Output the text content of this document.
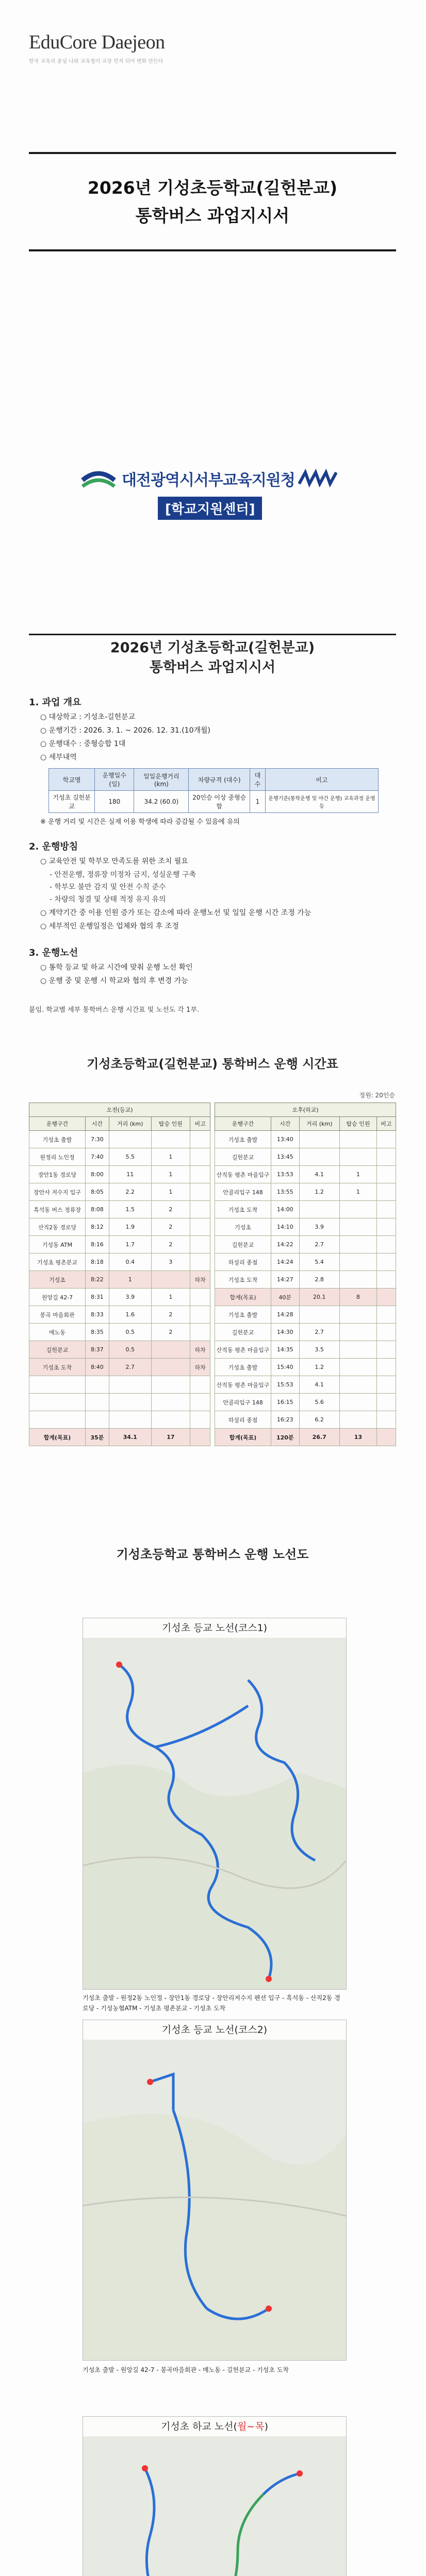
EduCore Daejeon
한국 교육의 중심 나와 교육청이 교장 먼저 되어 변화 만든다
2026년 기성초등학교(길헌분교)
통학버스 과업지시서
대전광역시서부교육지원청
[학교지원센터]
2026년 기성초등학교(길헌분교)
통학버스 과업지시서
1. 과업 개요
○ 대상학교 : 기성초-길헌분교
○ 운행기간 : 2026. 3. 1. ~ 2026. 12. 31.(10개월)
○ 운행대수 : 중형승합 1대
○ 세부내역
학교명	운행일수 (일)	일일운행거리 (km)	차량규격 (대수)	대수	비고
기성초 길헌분교	180	34.2 (60.0)	20인승 이상 중형승합	1	운행기준(통학운행 및 야간 운행) 교육과정 운영 등
※ 운행 거리 및 시간은 실제 이용 학생에 따라 증감될 수 있음에 유의
2. 운행방침
○ 교육안전 및 학부모 만족도를 위한 조치 필요
- 안전운행, 정류장 미정차 금지, 성실운행 구축
- 학부모 불만 감지 및 안전 수칙 준수
- 차량의 청결 및 상태 적정 유지 유의
○ 계약기간 중 이용 인원 증가 또는 감소에 따라 운행노선 및 일일 운행 시간 조정 가능
○ 세부적인 운행일정은 업체와 협의 후 조정
3. 운행노선
○ 통학 등교 및 하교 시간에 맞춰 운행 노선 확인
○ 운행 중 및 운행 시 학교와 협의 후 변경 가능
붙임. 학교별 세부 통학버스 운행 시간표 및 노선도 각 1부.
기성초등학교(길헌분교) 통학버스 운행 시간표
정원: 20인승
오전(등교)				
운행구간	시간	거리 (km)	탑승 인원	비고
기성초 출발	7:30			
원정리 노인정	7:40	5.5	1	
장안1동 경로당	8:00	11	1	
장안사 저수지 입구	8:05	2.2	1	
흑석동 버스 정류장	8:08	1.5	2	
산직2동 경로당	8:12	1.9	2	
기성동 ATM	8:16	1.7	2	
기성초 평촌분교	8:18	0.4	3	
기성초	8:22	1		하차
원앙길 42-7	8:31	3.9	1	
봉곡 마을회관	8:33	1.6	2	
매노동	8:35	0.5	2	
길헌분교	8:37	0.5		하차
기성초 도착	8:40	2.7		하차

합계(목표)	35분	34.1	17	
오후(하교)				
운행구간	시간	거리 (km)	탑승 인원	비고
기성초 출발	13:40			
길헌분교	13:45			
산직동 평촌 마을입구	13:53	4.1	1	
안골리입구 148	13:55	1.2	1	
기성초 도착	14:00			
기성초	14:10	3.9		
길헌분교	14:22	2.7		
하설리 종점	14:24	5.4		
기성초 도착	14:27	2.8		
합계(목표)	40분	20.1	8	
기성초 출발	14:28			
길헌분교	14:30	2.7		
산직동 평촌 마을입구	14:35	3.5		
기성초 출발	15:40	1.2		
산직동 평촌 마을입구	15:53	4.1		
안골리입구 148	16:15	5.6		
하설리 종점	16:23	6.2		
합계(목표)	120분	26.7	13	
기성초등학교 통학버스 운행 노선도
기성초 등교 노선(코스1)
기성초 출발 - 원정2동 노인정 - 장안1동 경로당 - 장안리저수지 펜션 입구 - 흑석동 - 산직2동 경로당 - 기성농협ATM - 기성초 평촌분교 - 기성초 도착
기성초 등교 노선(코스2)
기성초 출발 - 원앙길 42-7 - 봉곡마을회관 - 매노동 - 길헌분교 - 기성초 도착
기성초 하교 노선(월~목)
